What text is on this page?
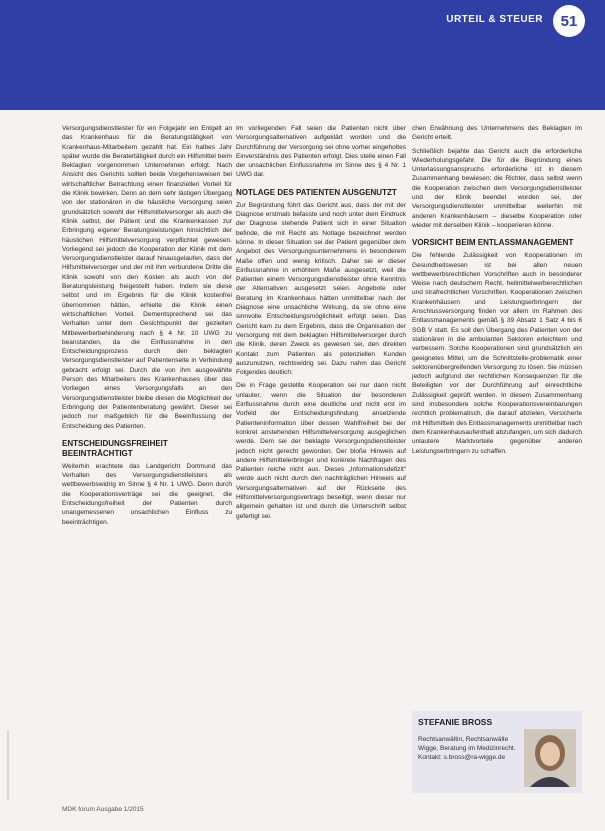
URTEIL & STEUER	51

Versorgungsdienstleister für ein Folgejahr ein Entgelt an das Krankenhaus für die Beratungstätigkeit von Krankenhaus-Mitarbeitern gezahlt hat. Ein halbes Jahr später wurde die Beratertätigkeit durch ein Hilfsmittel beim Beklagten vorgenommen Unternehmen erfolgt. Nach Ansicht des Gerichts sollten beide Vorgehensweisen bei wirtschaftlicher Betrachtung einen finanziellen Vorteil für die Klinik bewirken. Denn an dem sehr lästigen Übergang von der stationären in die häusliche Versorgung seien grundsätzlich sowohl der Hilfsmittelversorger als auch die Klinik selbst, der Patient und die Krankenkassen zur Erbringung eigener Beratungsleistungen hinsichtlich der häuslichen Hilfsmittelversorgung verpflichtet gewesen. Vorliegend sei jedoch die Kooperation der Klinik mit dem Versorgungsdienstleister darauf hinausgelaufen, dass der Hilfsmittelversorger und der mit ihm verbundene Dritte die Klinik sowohl von den Kosten als auch von der Beratungsleistung freigestellt haben. Indem sie diese selbst und im Ergebnis für die Klinik kostenfrei übernommen hätten, erhielte die Klinik einen wirtschaftlichen Vorteil. Dementsprechend sei das Verhalten unter dem Gesichtspunkt der gezielten Mitbewerberbehinderung nach § 4 Nr. 10 UWG zu beanstanden, da die Einflussnahme in den Entscheidungsprozess durch den beklagten Versorgungsdienstleister auf Patientenseite in Verbindung gebracht erfolgt sei. Durch die von ihm ausgewählte Person des Mitarbeiters des Krankenhauses über das Vorliegen eines Versorgungsfalls an den Versorgungsdienstleister bleibe diesen die Möglichkeit der Erbringung der Patientenberatung gewährt. Dieser sei jedoch nur maßgeblich für die Beeinflussung der Entscheidung des Patienten.

ENTSCHEIDUNGSFREIHEIT BEEINTRÄCHTIGT

Weiterhin erachtete das Landgericht Dortmund das Verhalten des Versorgungsdienstleisters als wettbewerbswidrig im Sinne § 4 Nr. 1 UWG. Denn durch die Kooperationsverträge sei die geeignet, die Entscheidungsfreiheit der Patienten durch unangemessenen unsachlichen Einfluss zu beeinträchtigen.

Im vorliegenden Fall seien die Patienten nicht über Versorgungsalternativen aufgeklärt worden und die Durchführung der Versorgung sei ohne vorher eingeholtes Einverständnis des Patienten erfolgt. Dies stelle einen Fall der unsachlichen Einflussnahme im Sinne des § 4 Nr. 1 UWG dar.

NOTLAGE DES PATIENTEN AUSGENUTZT

Zur Begründung führt das Gericht aus, dass der mit der Diagnose erstmals befasste und noch unter dem Eindruck der Diagnose stehende Patient sich in einer Situation befinde, die mit Recht als Notlage bezeichnet werden könne. In dieser Situation sei der Patient gegenüber dem Angebot des Versorgungsunternehmens in besonderem Maße offen und wenig kritisch. Daher sei er dieser Einflussnahme in erhöhtem Maße ausgesetzt, weil die Patienten einem Versorgungsdienstleister ohne Kenntnis der Alternativen ausgesetzt seien. Angebote oder Beratung im Krankenhaus hätten unmittelbar nach der Diagnose eine unsachliche Wirkung, da sie ohne eine sinnvolle Entscheidungsmöglichkeit erfolgt seien. Das Gericht kam zu dem Ergebnis, dass die Organisation der Versorgung mit dem beklagten Hilfsmittelversorger durch die Klinik, deren Zweck es gewesen sei, den direkten Kontakt zum Patienten als potenziellen Kunden auszunutzen, rechtswidrig sei. Dazu nahm das Gericht Folgendes deutlich:

Die in Frage gestellte Kooperation sei nur dann nicht unlauter, wenn die Situation der besonderen Einflussnahme durch eine deutliche und nicht erst im Vorfeld der Entscheidungsfindung ansetzende Patienteninformation über dessen Wahlfreiheit bei der konkret anstehenden Hilfsmittelversorgung ausgeglichen werde. Dem sei der beklagte Versorgungsdienstleister jedoch nicht gerecht geworden. Der bloße Hinweis auf andere Hilfsmittelerbringer und konkrete Nachfragen des Patienten reiche nicht aus. Dieses „Informationsdefizit“ werde auch nicht durch den nachträglichen Hinweis auf Versorgungsalternativen auf der Rückseite des Hilfsmittelversorgungsvertrags beseitigt, wenn dieser nur allgemein gehalten ist und durch die Unterschrift selbst gefertigt sei.

chen Erwähnung des Unternehmens des Beklagten im Gericht erteilt.

Schließlich bejahte das Gericht auch die erforderliche Wiederholungsgefahr. Die für die Begründung eines Unterlassungsanspruchs erforderliche ist in diesem Zusammenhang bewiesen: die Richter, dass selbst wenn die Kooperation zwischen dem Versorgungsdienstleister und der Klinik beendet worden sei, der Versorgungsdienstleister unmittelbar weiterhin mit anderen Krankenhäusern – dieselbe Kooperation oder wieder mit derselben Klinik – kooperieren könne.

VORSICHT BEIM ENTLASSMANAGEMENT

Die fehlende Zulässigkeit von Kooperationen im Gesundheitswesen ist bei allen neuen wettbewerbsrechtlichen Vorschriften auch in besonderer Weise nach deutschem Recht, heilmittelwerberechtlichen und strafrechtlichen Vorschriften. Kooperationen zwischen Krankenhäusern und Leistungserbringern der Anschlussversorgung finden vor allem im Rahmen des Entlassmanagements gemäß § 39 Absatz 1 Satz 4 bis 6 SGB V statt. Es soll den Übergang des Patienten von der stationären in die ambulanten Sektoren erleichtern und verbessern. Solche Kooperationen sind grundsätzlich ein geeignetes Mittel, um die Schnittstelle-problematik einer sektorenübergreifenden Versorgung zu lösen. Sie müssen jedoch aufgrund der rechtlichen Konsequenzen für die Beteiligten vor der Durchführung auf einrechtliche Zulässigkeit geprüft werden. In diesem Zusammenhang sind insbesondere solche Kooperationsvereinbarungen rechtlich problematisch, die darauf abzielen, Versicherte mit Hilfsmitteln des Entlassmanagements unmittelbar nach dem Krankenhausaufenthalt abzufangen, um sich dadurch unlautere Marktvorteile gegenüber anderen Leistungserbringern zu schaffen.

STEFANIE BROSS
Rechtsanwältin, Rechtsanwälte Wigge, Beratung im Medizinrecht. Kontakt: s.bross@ra-wigge.de
MDK forum Ausgabe 1/2015
